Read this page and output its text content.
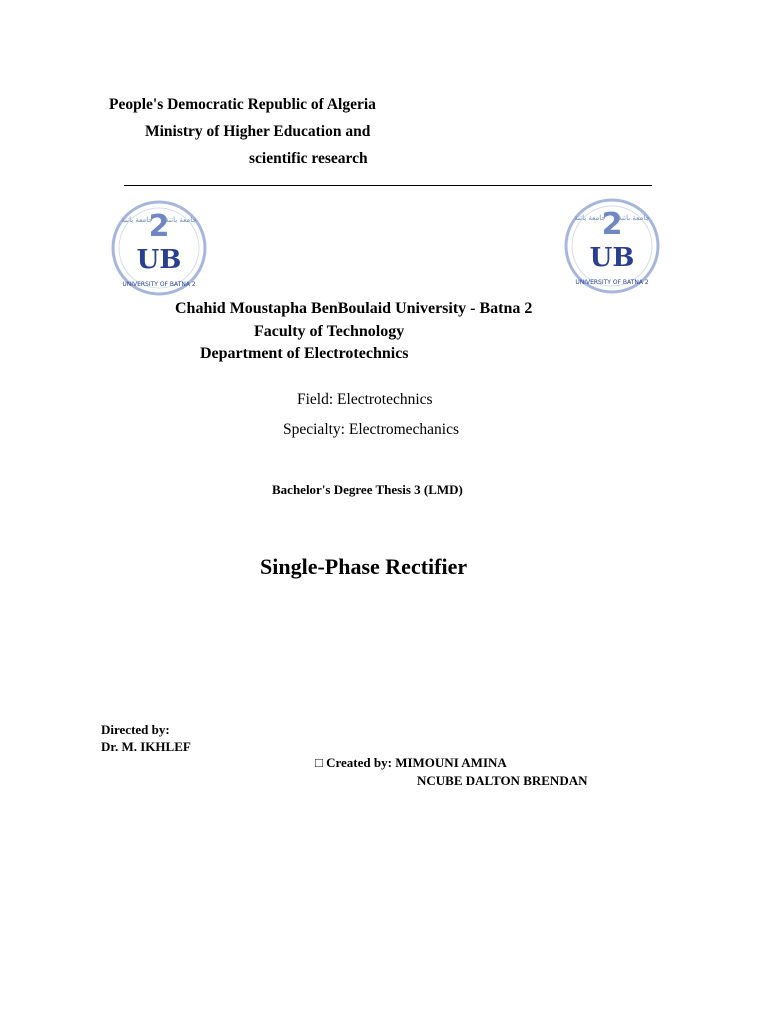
People's Democratic Republic of Algeria
Ministry of Higher Education and
scientific research
2
UB
جامعة باتنة جامعة باتنة
UNIVERSITY OF BATNA 2
2
UB
جامعة باتنة جامعة باتنة
UNIVERSITY OF BATNA 2
Chahid Moustapha BenBoulaid University - Batna 2
Faculty of Technology
Department of Electrotechnics
Field: Electrotechnics
Specialty: Electromechanics
Bachelor's Degree Thesis 3 (LMD)
Single-Phase Rectifier
Directed by:
Dr. M. IKHLEF
□ Created by: MIMOUNI AMINA
NCUBE DALTON BRENDAN
